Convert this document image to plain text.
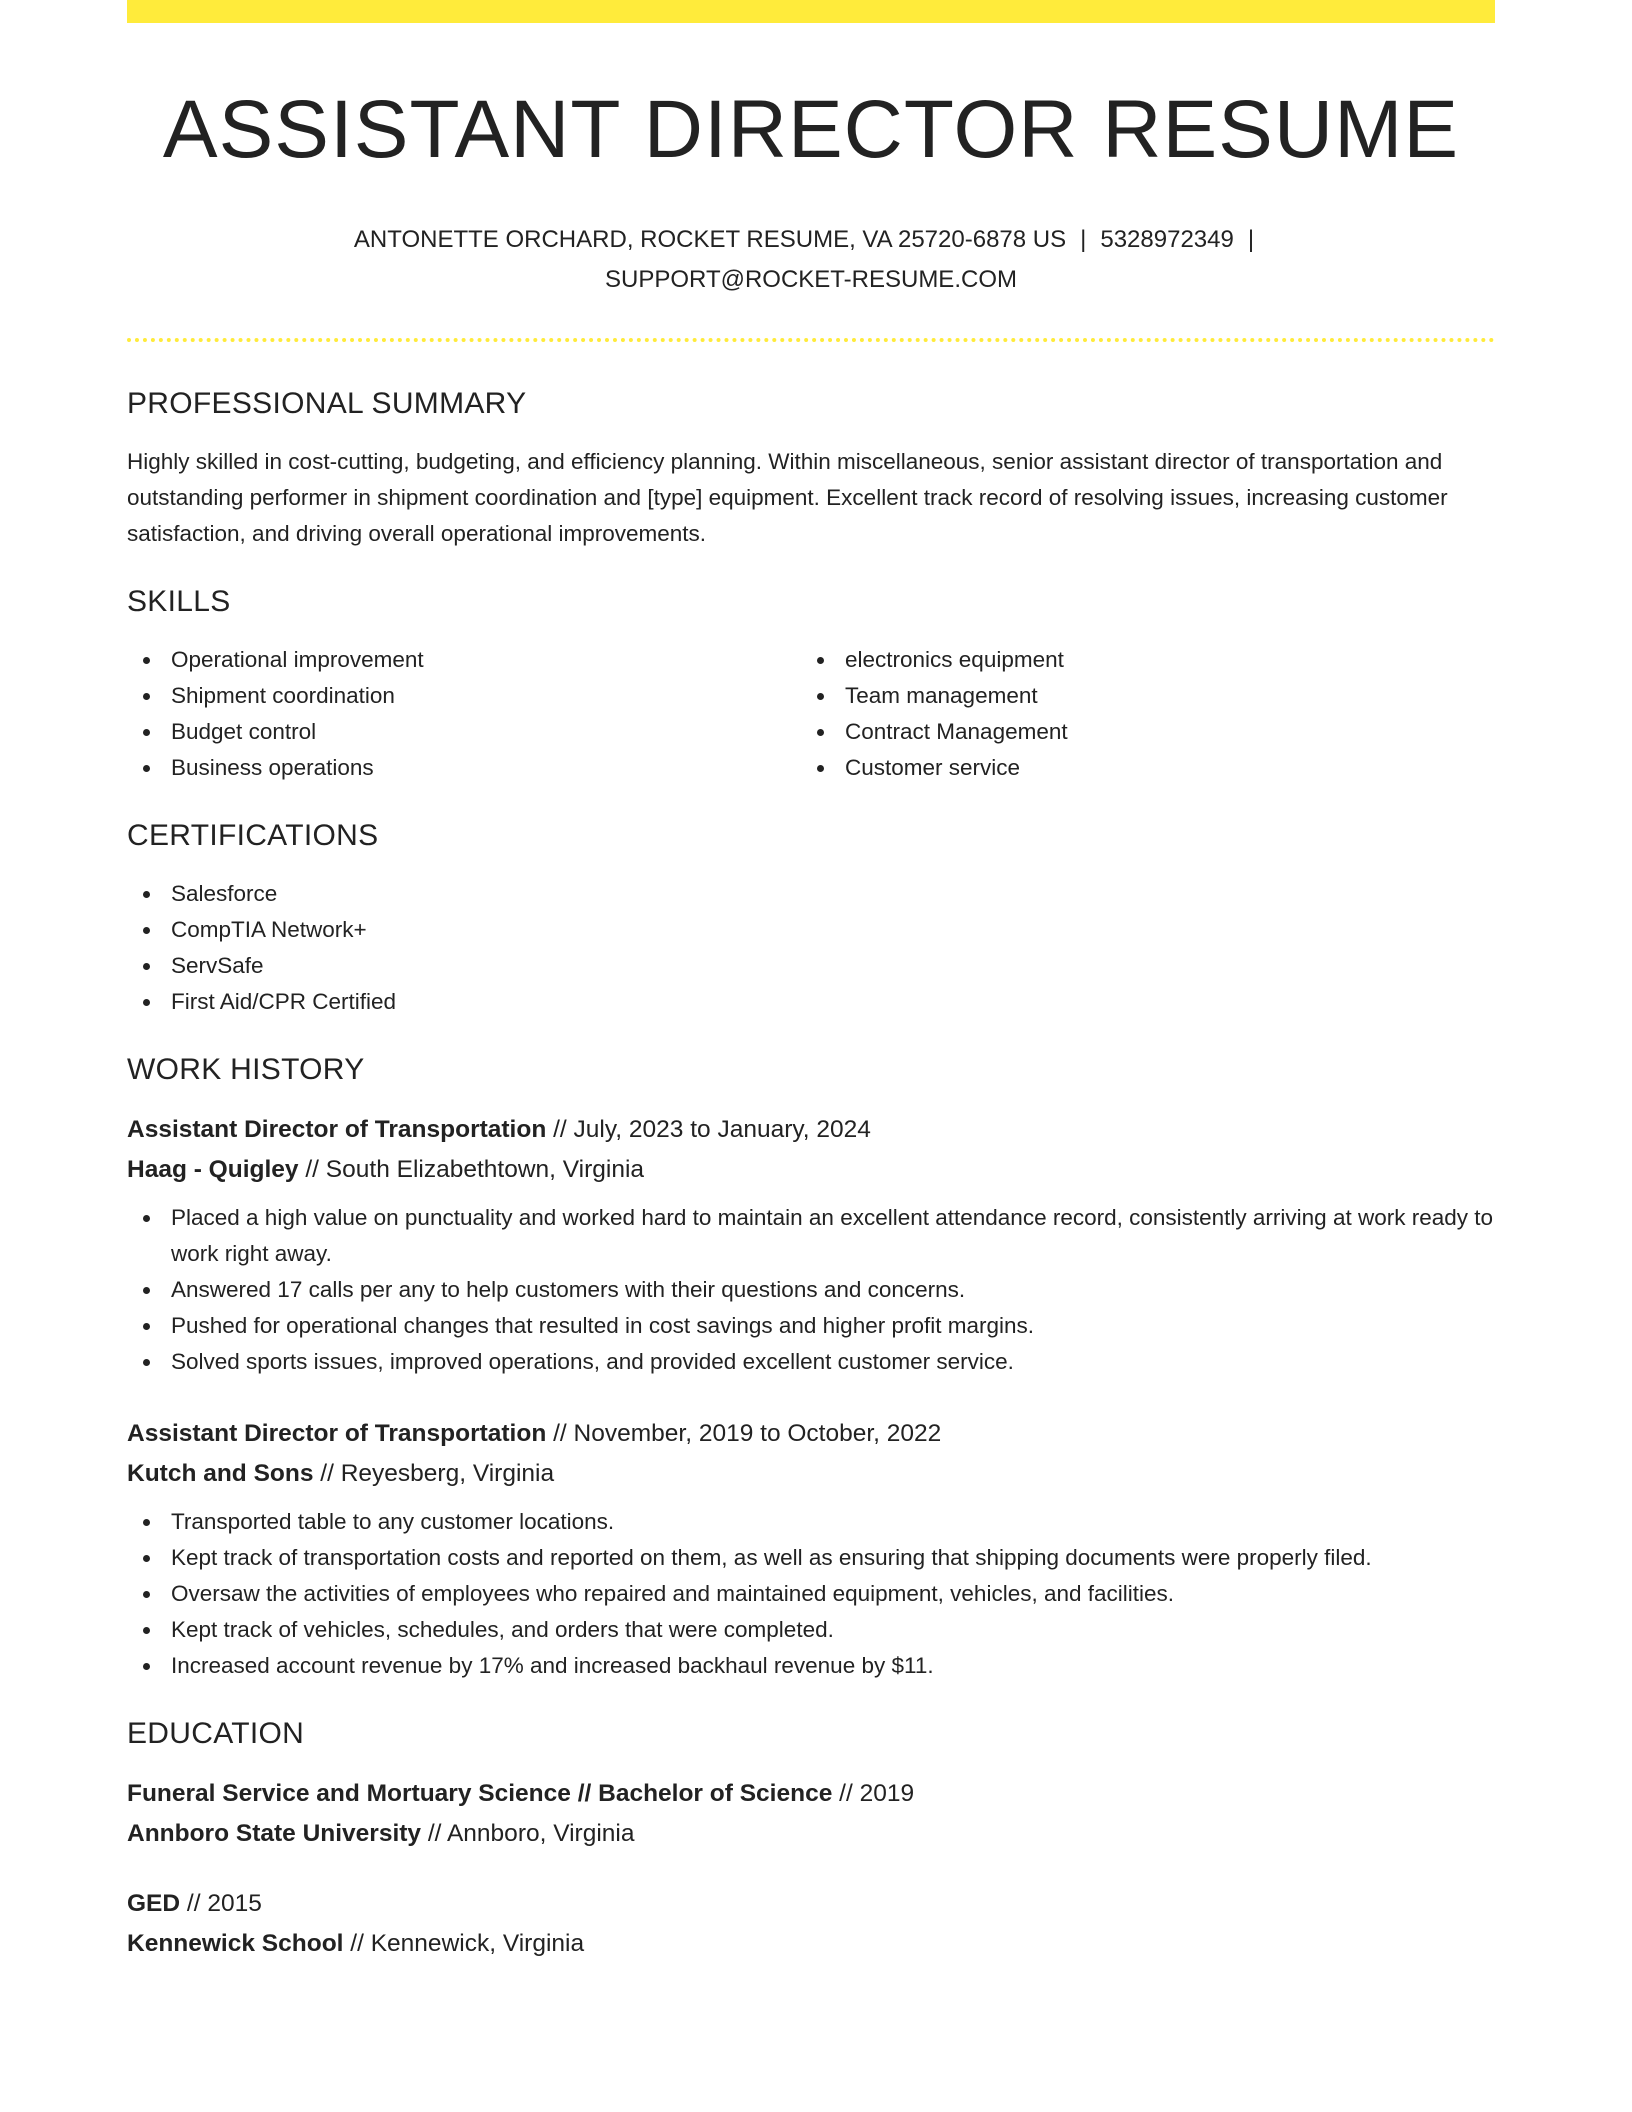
ASSISTANT DIRECTOR RESUME
ANTONETTE ORCHARD, ROCKET RESUME, VA 25720-6878 US | 5328972349 |
SUPPORT@ROCKET-RESUME.COM
PROFESSIONAL SUMMARY
Highly skilled in cost-cutting, budgeting, and efficiency planning. Within miscellaneous, senior assistant director of transportation and outstanding performer in shipment coordination and [type] equipment. Excellent track record of resolving issues, increasing customer satisfaction, and driving overall operational improvements.
SKILLS
Operational improvement
Shipment coordination
Budget control
Business operations
electronics equipment
Team management
Contract Management
Customer service
CERTIFICATIONS
Salesforce
CompTIA Network+
ServSafe
First Aid/CPR Certified
WORK HISTORY
Assistant Director of Transportation // July, 2023 to January, 2024
Haag - Quigley // South Elizabethtown, Virginia
Placed a high value on punctuality and worked hard to maintain an excellent attendance record, consistently arriving at work ready to work right away.
Answered 17 calls per any to help customers with their questions and concerns.
Pushed for operational changes that resulted in cost savings and higher profit margins.
Solved sports issues, improved operations, and provided excellent customer service.
Assistant Director of Transportation // November, 2019 to October, 2022
Kutch and Sons // Reyesberg, Virginia
Transported table to any customer locations.
Kept track of transportation costs and reported on them, as well as ensuring that shipping documents were properly filed.
Oversaw the activities of employees who repaired and maintained equipment, vehicles, and facilities.
Kept track of vehicles, schedules, and orders that were completed.
Increased account revenue by 17% and increased backhaul revenue by $11.
EDUCATION
Funeral Service and Mortuary Science // Bachelor of Science // 2019
Annboro State University // Annboro, Virginia
GED // 2015
Kennewick School // Kennewick, Virginia
